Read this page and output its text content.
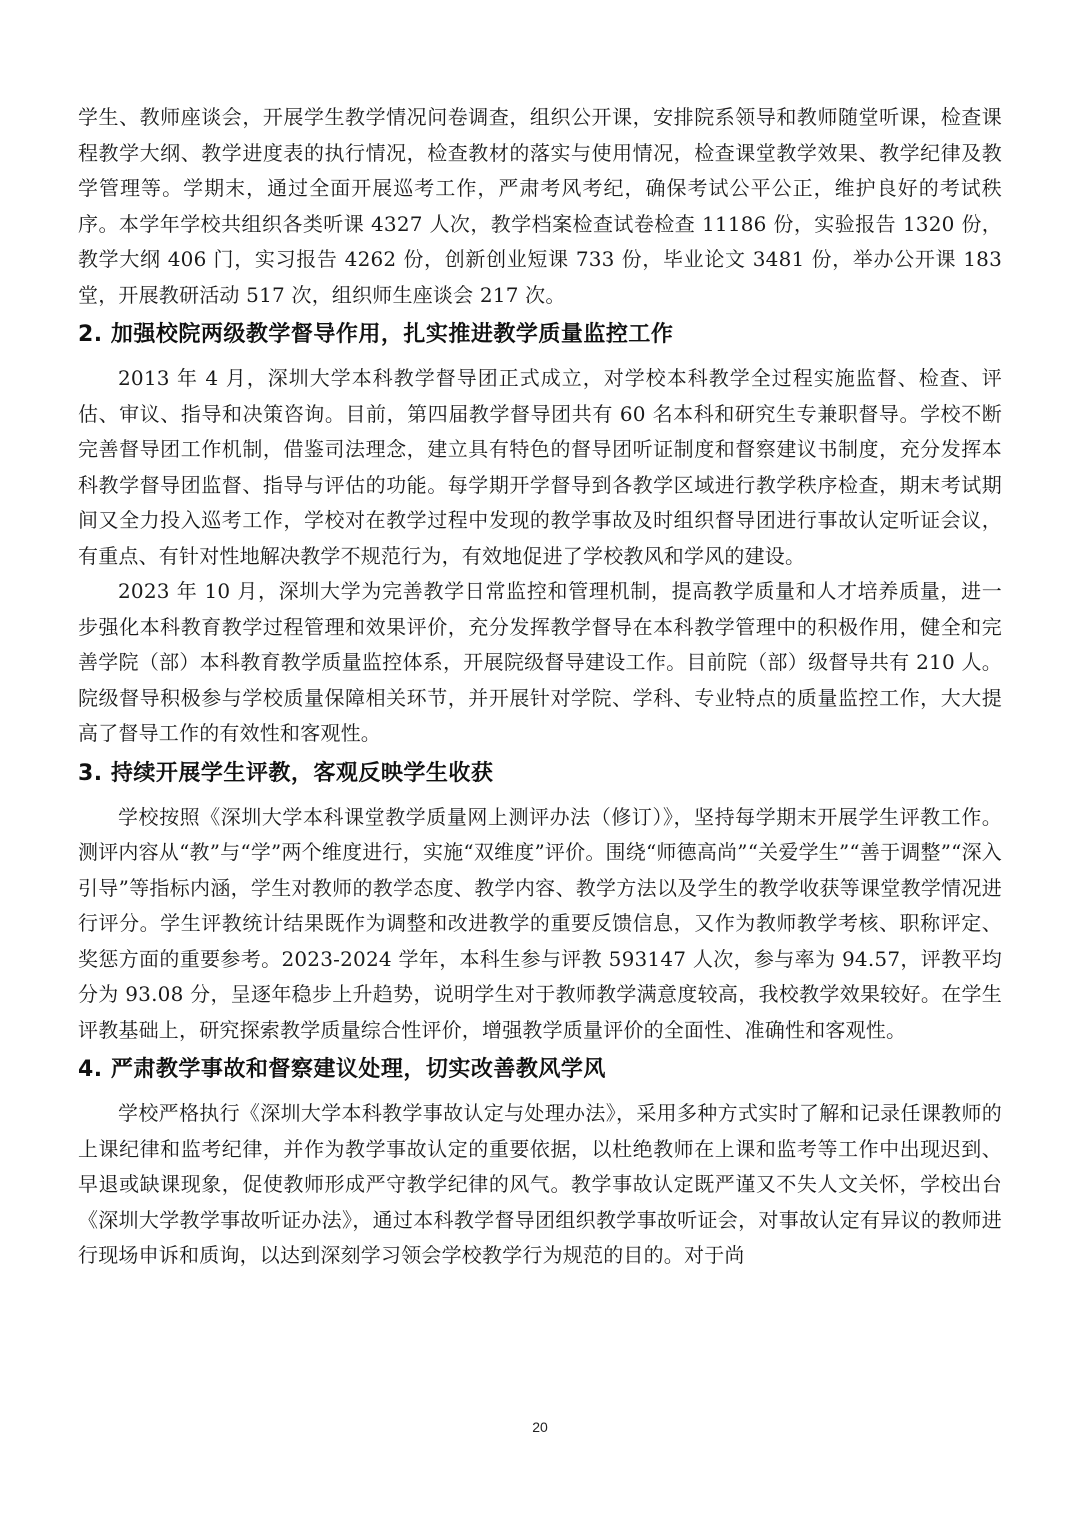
学生、教师座谈会，开展学生教学情况问卷调查，组织公开课，安排院系领导和教师随堂听课，检查课程教学大纲、教学进度表的执行情况，检查教材的落实与使用情况，检查课堂教学效果、教学纪律及教学管理等。学期末，通过全面开展巡考工作，严肃考风考纪，确保考试公平公正，维护良好的考试秩序。本学年学校共组织各类听课 4327 人次，教学档案检查试卷检查 11186 份，实验报告 1320 份，教学大纲 406 门，实习报告 4262 份，创新创业短课 733 份，毕业论文 3481 份，举办公开课 183 堂，开展教研活动 517 次，组织师生座谈会 217 次。

2. 加强校院两级教学督导作用，扎实推进教学质量监控工作

2013 年 4 月，深圳大学本科教学督导团正式成立，对学校本科教学全过程实施监督、检查、评估、审议、指导和决策咨询。目前，第四届教学督导团共有 60 名本科和研究生专兼职督导。学校不断完善督导团工作机制，借鉴司法理念，建立具有特色的督导团听证制度和督察建议书制度，充分发挥本科教学督导团监督、指导与评估的功能。每学期开学督导到各教学区域进行教学秩序检查，期末考试期间又全力投入巡考工作，学校对在教学过程中发现的教学事故及时组织督导团进行事故认定听证会议，有重点、有针对性地解决教学不规范行为，有效地促进了学校教风和学风的建设。

2023 年 10 月，深圳大学为完善教学日常监控和管理机制，提高教学质量和人才培养质量，进一步强化本科教育教学过程管理和效果评价，充分发挥教学督导在本科教学管理中的积极作用，健全和完善学院（部）本科教育教学质量监控体系，开展院级督导建设工作。目前院（部）级督导共有 210 人。院级督导积极参与学校质量保障相关环节，并开展针对学院、学科、专业特点的质量监控工作，大大提高了督导工作的有效性和客观性。

3. 持续开展学生评教，客观反映学生收获

学校按照《深圳大学本科课堂教学质量网上测评办法（修订）》，坚持每学期末开展学生评教工作。测评内容从“教”与“学”两个维度进行，实施“双维度”评价。围绕“师德高尚”“关爱学生”“善于调整”“深入引导”等指标内涵，学生对教师的教学态度、教学内容、教学方法以及学生的教学收获等课堂教学情况进行评分。学生评教统计结果既作为调整和改进教学的重要反馈信息，又作为教师教学考核、职称评定、奖惩方面的重要参考。2023-2024 学年，本科生参与评教 593147 人次，参与率为 94.57，评教平均分为 93.08 分，呈逐年稳步上升趋势，说明学生对于教师教学满意度较高，我校教学效果较好。在学生评教基础上，研究探索教学质量综合性评价，增强教学质量评价的全面性、准确性和客观性。

4. 严肃教学事故和督察建议处理，切实改善教风学风

学校严格执行《深圳大学本科教学事故认定与处理办法》，采用多种方式实时了解和记录任课教师的上课纪律和监考纪律，并作为教学事故认定的重要依据，以杜绝教师在上课和监考等工作中出现迟到、早退或缺课现象，促使教师形成严守教学纪律的风气。教学事故认定既严谨又不失人文关怀，学校出台《深圳大学教学事故听证办法》，通过本科教学督导团组织教学事故听证会，对事故认定有异议的教师进行现场申诉和质询，以达到深刻学习领会学校教学行为规范的目的。对于尚

20
